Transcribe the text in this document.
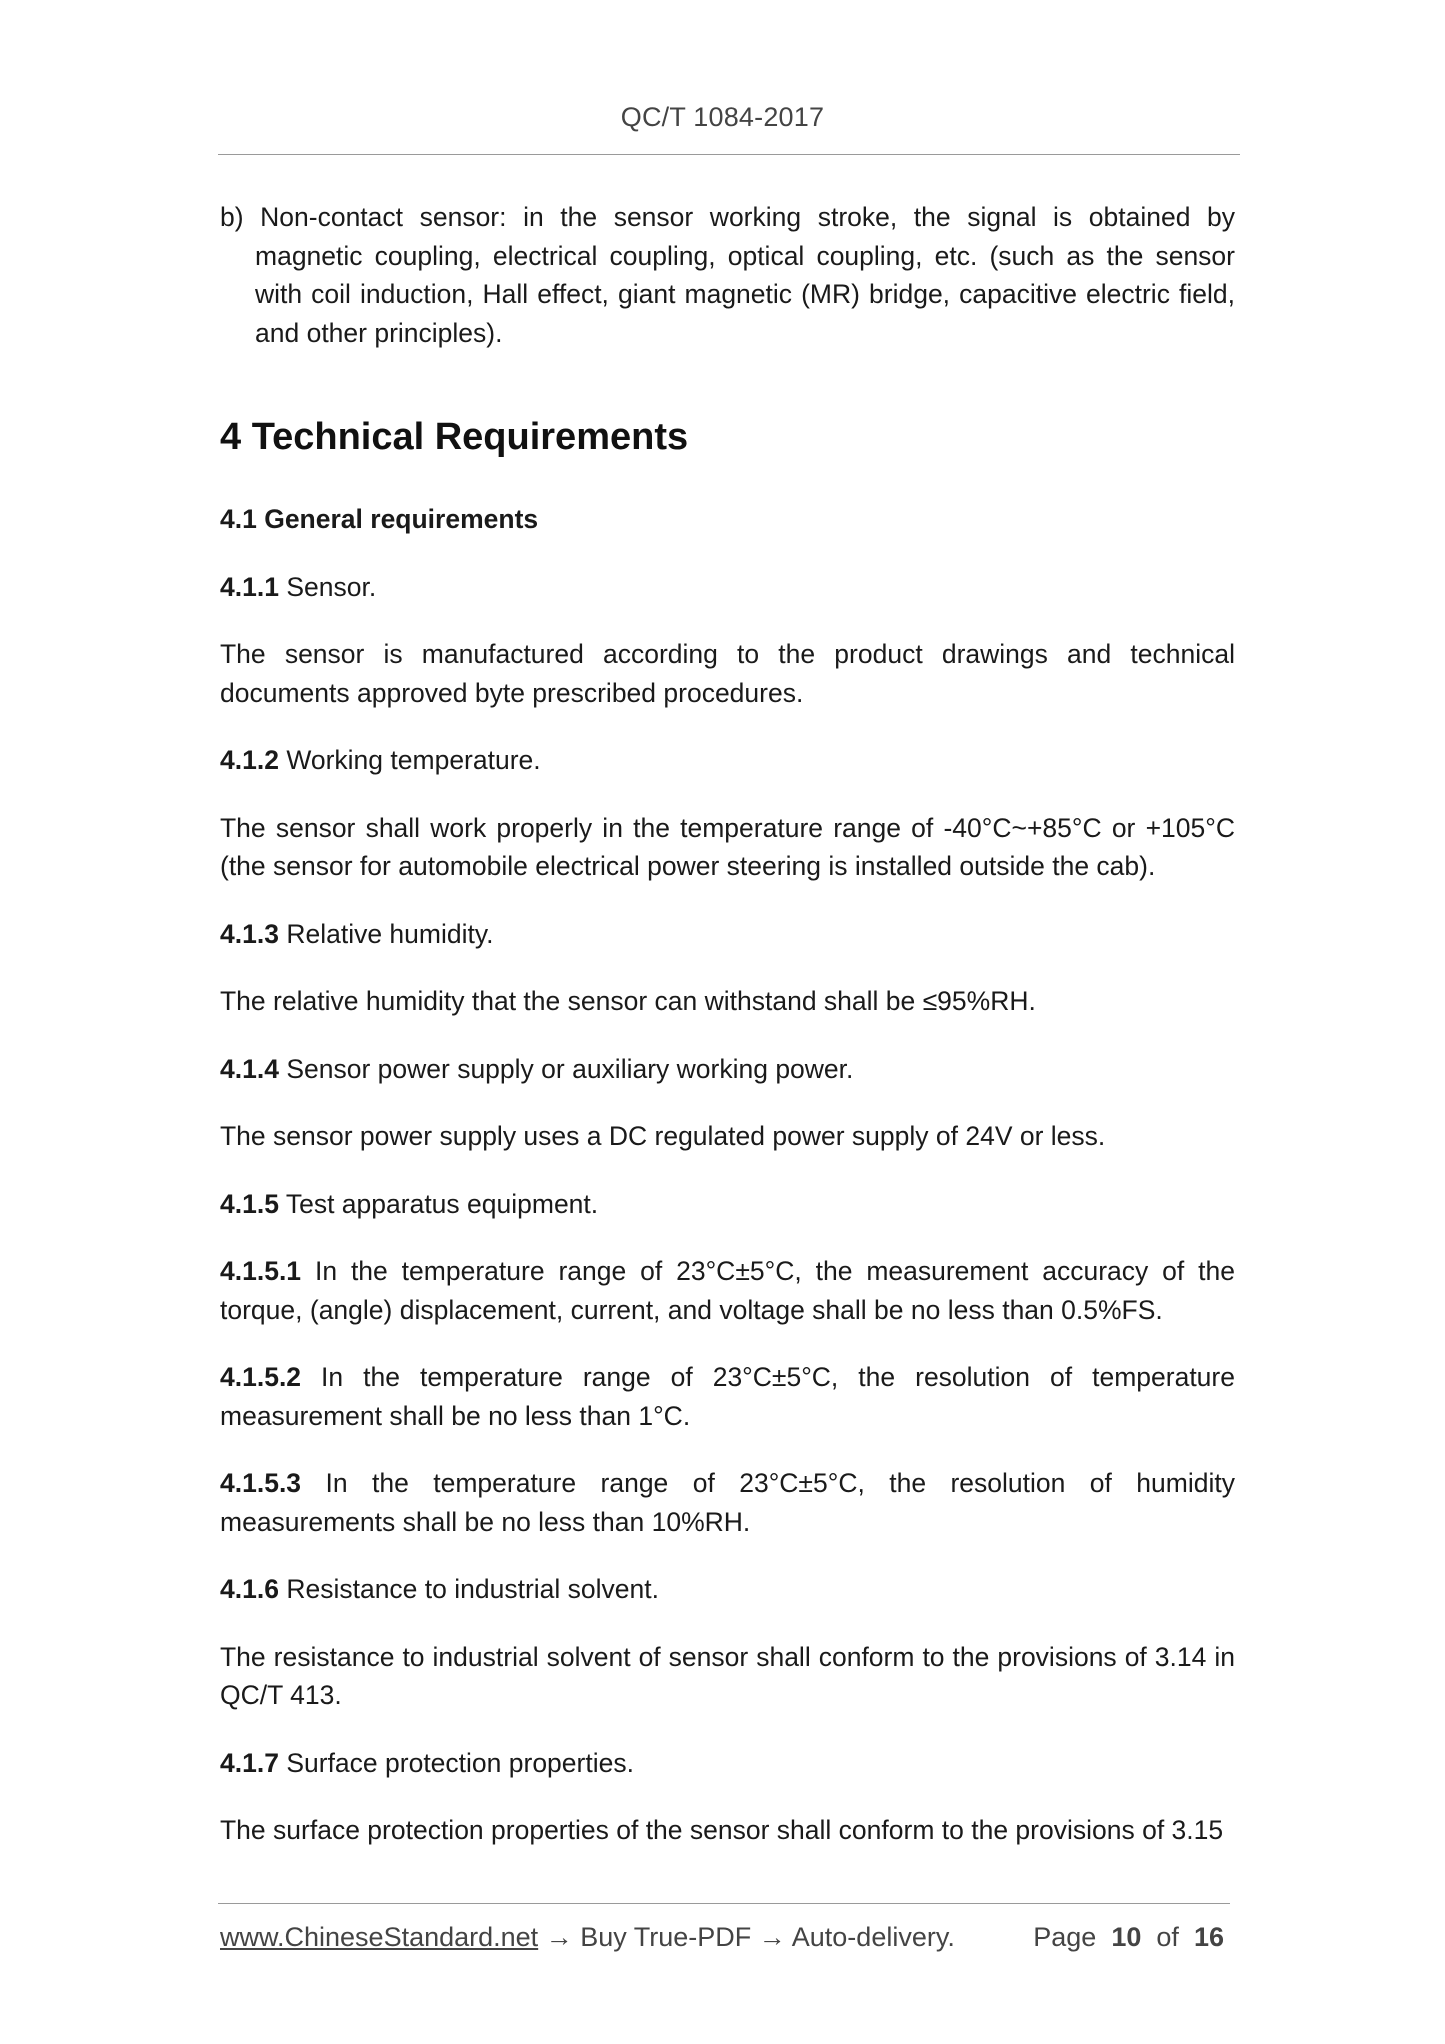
QC/T 1084-2017

b) Non-contact sensor: in the sensor working stroke, the signal is obtained by magnetic coupling, electrical coupling, optical coupling, etc. (such as the sensor with coil induction, Hall effect, giant magnetic (MR) bridge, capacitive electric field, and other principles).

4 Technical Requirements

4.1 General requirements

4.1.1 Sensor.

The sensor is manufactured according to the product drawings and technical documents approved byte prescribed procedures.

4.1.2 Working temperature.

The sensor shall work properly in the temperature range of -40°C~+85°C or +105°C (the sensor for automobile electrical power steering is installed outside the cab).

4.1.3 Relative humidity.

The relative humidity that the sensor can withstand shall be ≤95%RH.

4.1.4 Sensor power supply or auxiliary working power.

The sensor power supply uses a DC regulated power supply of 24V or less.

4.1.5 Test apparatus equipment.

4.1.5.1 In the temperature range of 23°C±5°C, the measurement accuracy of the torque, (angle) displacement, current, and voltage shall be no less than 0.5%FS.

4.1.5.2 In the temperature range of 23°C±5°C, the resolution of temperature measurement shall be no less than 1°C.

4.1.5.3 In the temperature range of 23°C±5°C, the resolution of humidity measurements shall be no less than 10%RH.

4.1.6 Resistance to industrial solvent.

The resistance to industrial solvent of sensor shall conform to the provisions of 3.14 in QC/T 413.

4.1.7 Surface protection properties.

The surface protection properties of the sensor shall conform to the provisions of 3.15

www.ChineseStandard.net → Buy True-PDF → Auto-delivery.	Page 10 of 16
